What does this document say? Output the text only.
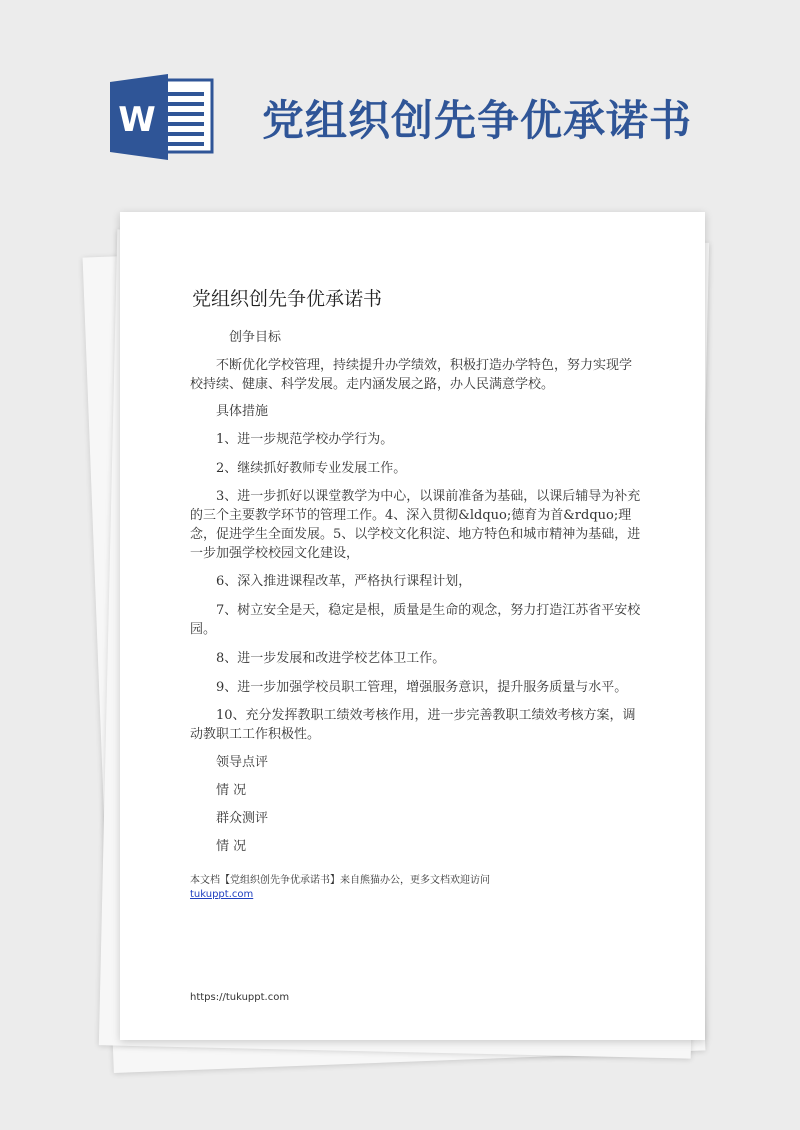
W	党组织创先争优承诺书
党组织创先争优承诺书

创争目标

不断优化学校管理，持续提升办学绩效，积极打造办学特色，努力实现学校持续、健康、科学发展。走内涵发展之路，办人民满意学校。

具体措施

1、进一步规范学校办学行为。

2、继续抓好教师专业发展工作。

3、进一步抓好以课堂教学为中心，以课前准备为基础，以课后辅导为补充的三个主要教学环节的管理工作。4、深入贯彻&ldquo;德育为首&rdquo;理念，促进学生全面发展。5、以学校文化积淀、地方特色和城市精神为基础，进一步加强学校校园文化建设，

6、深入推进课程改革，严格执行课程计划，

7、树立安全是天，稳定是根，质量是生命的观念，努力打造江苏省平安校园。

8、进一步发展和改进学校艺体卫工作。

9、进一步加强学校员职工管理，增强服务意识，提升服务质量与水平。

10、充分发挥教职工绩效考核作用，进一步完善教职工绩效考核方案，调动教职工工作积极性。

领导点评

情 况

群众测评

情 况

本文档【党组织创先争优承诺书】来自熊猫办公，更多文档欢迎访问
tukuppt.com
https://tukuppt.com
